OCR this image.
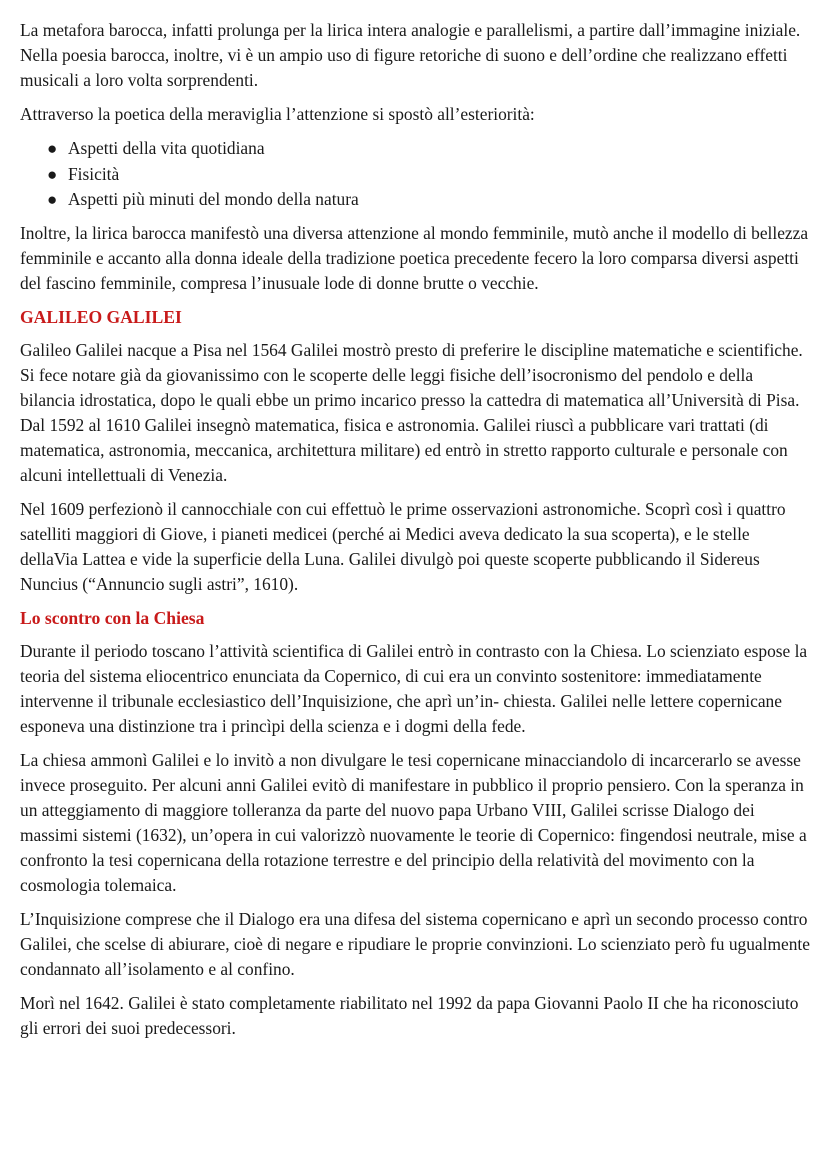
La metafora barocca, infatti prolunga per la lirica intera analogie e parallelismi, a partire dall’immagine iniziale. Nella poesia barocca, inoltre, vi è un ampio uso di figure retoriche di suono e dell’ordine che realizzano effetti musicali a loro volta sorprendenti.

Attraverso la poetica della meraviglia l’attenzione si spostò all’esteriorità:

● Aspetti della vita quotidiana
● Fisicità
● Aspetti più minuti del mondo della natura

Inoltre, la lirica barocca manifestò una diversa attenzione al mondo femminile, mutò anche il modello di bellezza femminile e accanto alla donna ideale della tradizione poetica precedente fecero la loro comparsa diversi aspetti del fascino femminile, compresa l’inusuale lode di donne brutte o vecchie.

GALILEO GALILEI

Galileo Galilei nacque a Pisa nel 1564 Galilei mostrò presto di preferire le discipline matematiche e scientifiche. Si fece notare già da giovanissimo con le scoperte delle leggi fisiche dell’isocronismo del pendolo e della bilancia idrostatica, dopo le quali ebbe un primo incarico presso la cattedra di matematica all’Università di Pisa. Dal 1592 al 1610 Galilei insegnò matematica, fisica e astronomia. Galilei riuscì a pubblicare vari trattati (di matematica, astronomia, meccanica, architettura militare) ed entrò in stretto rapporto culturale e personale con alcuni intellettuali di Venezia.

Nel 1609 perfezionò il cannocchiale con cui effettuò le prime osservazioni astronomiche. Scoprì così i quattro satelliti maggiori di Giove, i pianeti medicei (perché ai Medici aveva dedicato la sua scoperta), e le stelle dellaVia Lattea e vide la superficie della Luna. Galilei divulgò poi queste scoperte pubblicando il Sidereus Nuncius (“Annuncio sugli astri”, 1610).

Lo scontro con la Chiesa

Durante il periodo toscano l’attività scientifica di Galilei entrò in contrasto con la Chiesa. Lo scienziato espose la teoria del sistema eliocentrico enunciata da Copernico, di cui era un convinto sostenitore: immediatamente intervenne il tribunale ecclesiastico dell’Inquisizione, che aprì un’in- chiesta. Galilei nelle lettere copernicane esponeva una distinzione tra i princìpi della scienza e i dogmi della fede.

La chiesa ammonì Galilei e lo invitò a non divulgare le tesi copernicane minacciandolo di incarcerarlo se avesse invece proseguito. Per alcuni anni Galilei evitò di manifestare in pubblico il proprio pensiero. Con la speranza in un atteggiamento di maggiore tolleranza da parte del nuovo papa Urbano VIII, Galilei scrisse Dialogo dei massimi sistemi (1632), un’opera in cui valorizzò nuovamente le teorie di Copernico: fingendosi neutrale, mise a confronto la tesi copernicana della rotazione terrestre e del principio della relatività del movimento con la cosmologia tolemaica.

L’Inquisizione comprese che il Dialogo era una difesa del sistema copernicano e aprì un secondo processo contro Galilei, che scelse di abiurare, cioè di negare e ripudiare le proprie convinzioni. Lo scienziato però fu ugualmente condannato all’isolamento e al confino.

Morì nel 1642. Galilei è stato completamente riabilitato nel 1992 da papa Giovanni Paolo II che ha riconosciuto gli errori dei suoi predecessori.
